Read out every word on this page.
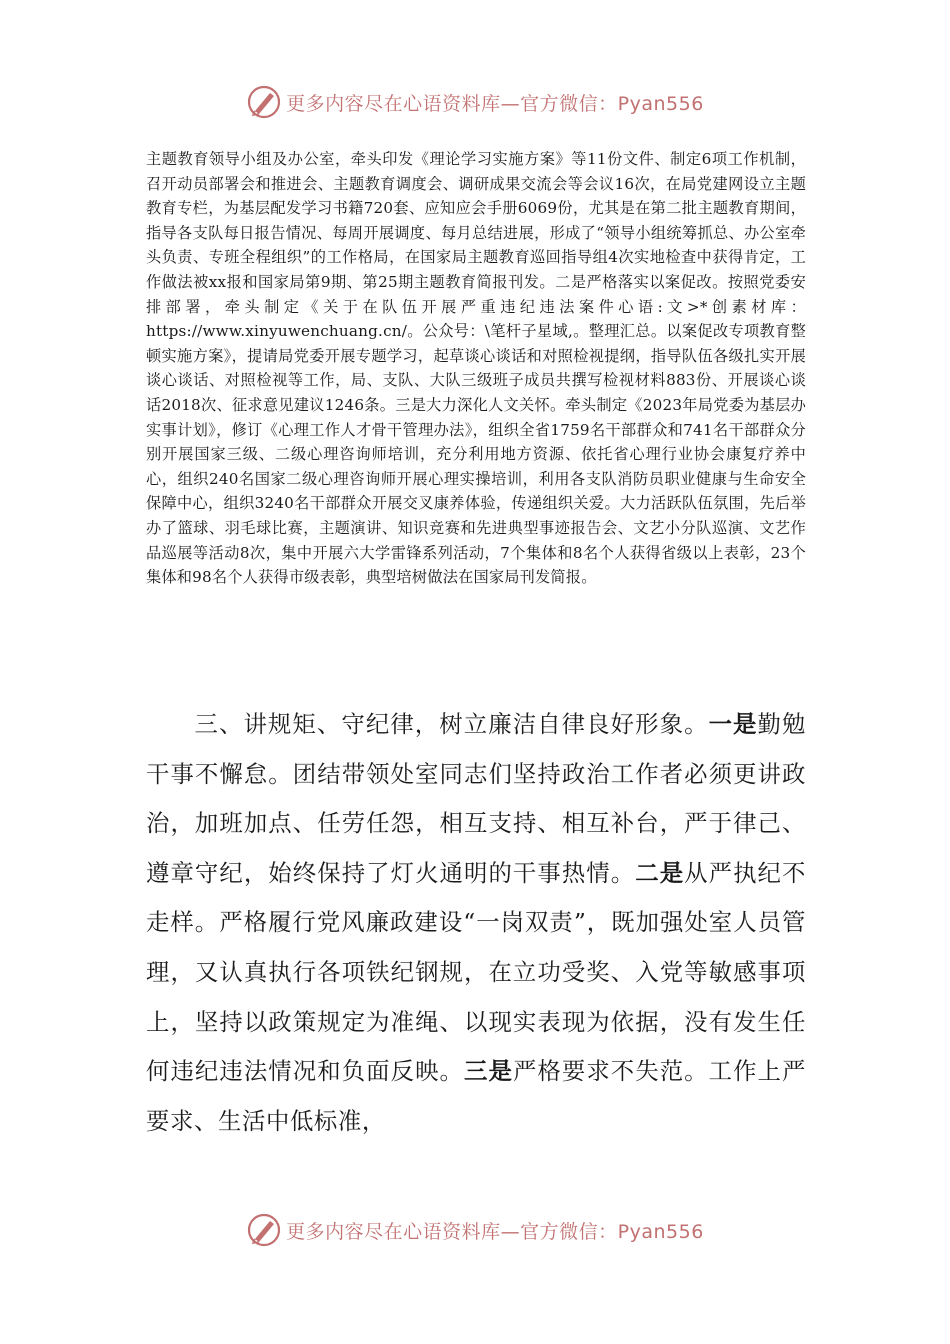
更多内容尽在心语资料库—官方微信：Pyan556

主题教育领导小组及办公室，牵头印发《理论学习实施方案》等11份文件、制定6项工作机制，召开动员部署会和推进会、主题教育调度会、调研成果交流会等会议16次，在局党建网设立主题教育专栏，为基层配发学习书籍720套、应知应会手册6069份，尤其是在第二批主题教育期间，指导各支队每日报告情况、每周开展调度、每月总结进展，形成了“领导小组统筹抓总、办公室牵头负责、专班全程组织”的工作格局，在国家局主题教育巡回指导组4次实地检查中获得肯定，工作做法被xx报和国家局第9期、第25期主题教育简报刊发。二是严格落实以案促改。按照党委安排部署，牵头制定《关于在队伍开展严重违纪违法案件心语:文>*创素材库：https://www.xinyuwenchuang.cn/。公众号：\笔杆子星域,。整理汇总。以案促改专项教育整顿实施方案》，提请局党委开展专题学习，起草谈心谈话和对照检视提纲，指导队伍各级扎实开展谈心谈话、对照检视等工作，局、支队、大队三级班子成员共撰写检视材料883份、开展谈心谈话2018次、征求意见建议1246条。三是大力深化人文关怀。牵头制定《2023年局党委为基层办实事计划》，修订《心理工作人才骨干管理办法》，组织全省1759名干部群众和741名干部群众分别开展国家三级、二级心理咨询师培训，充分利用地方资源、依托省心理行业协会康复疗养中心，组织240名国家二级心理咨询师开展心理实操培训，利用各支队消防员职业健康与生命安全保障中心，组织3240名干部群众开展交叉康养体验，传递组织关爱。大力活跃队伍氛围，先后举办了篮球、羽毛球比赛，主题演讲、知识竞赛和先进典型事迹报告会、文艺小分队巡演、文艺作品巡展等活动8次，集中开展六大学雷锋系列活动，7个集体和8名个人获得省级以上表彰，23个集体和98名个人获得市级表彰，典型培树做法在国家局刊发简报。

三、讲规矩、守纪律，树立廉洁自律良好形象。一是勤勉干事不懈怠。团结带领处室同志们坚持政治工作者必须更讲政治，加班加点、任劳任怨，相互支持、相互补台，严于律己、遵章守纪，始终保持了灯火通明的干事热情。二是从严执纪不走样。严格履行党风廉政建设“一岗双责”，既加强处室人员管理，又认真执行各项铁纪钢规，在立功受奖、入党等敏感事项上，坚持以政策规定为准绳、以现实表现为依据，没有发生任何违纪违法情况和负面反映。三是严格要求不失范。工作上严要求、生活中低标准，

更多内容尽在心语资料库—官方微信：Pyan556
